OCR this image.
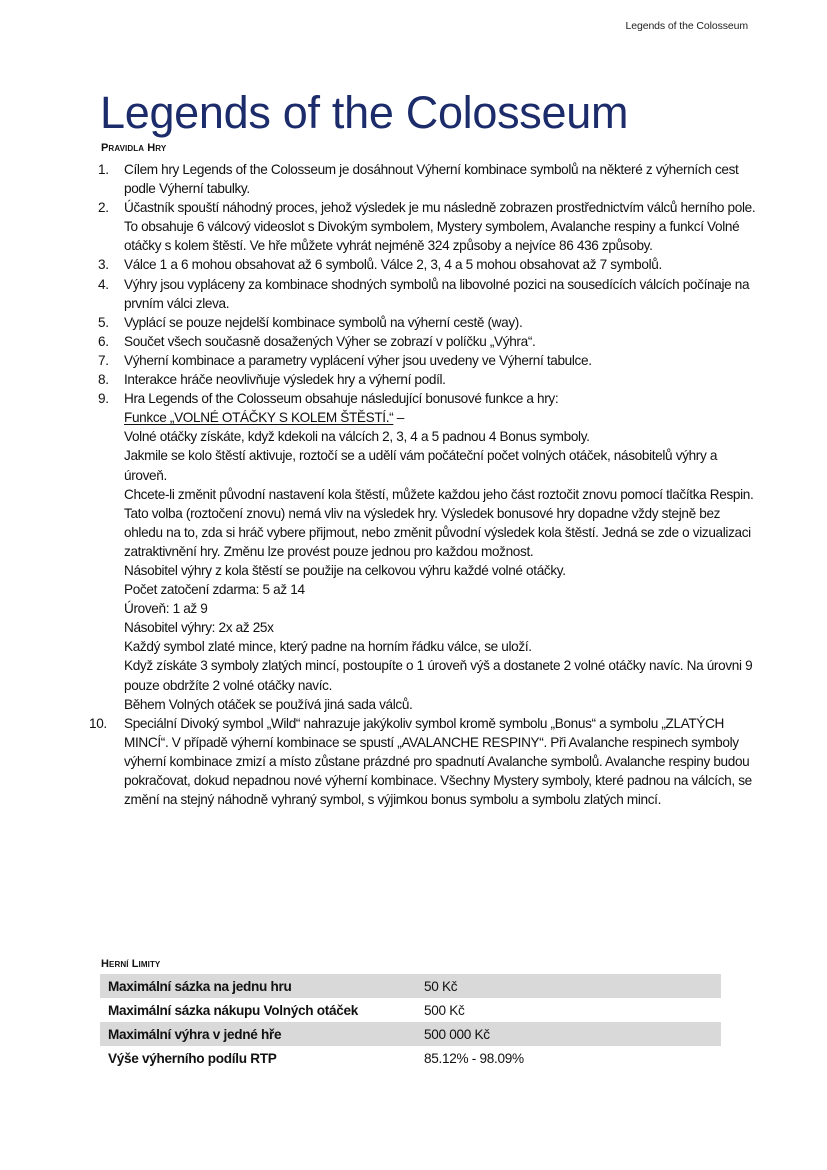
Legends of the Colosseum
Legends of the Colosseum
Pravidla Hry
1. Cílem hry Legends of the Colosseum je dosáhnout Výherní kombinace symbolů na některé z výherních cest podle Výherní tabulky.

2. Účastník spouští náhodný proces, jehož výsledek je mu následně zobrazen prostřednictvím válců herního pole. To obsahuje 6 válcový videoslot s Divokým symbolem, Mystery symbolem, Avalanche respiny a funkcí Volné otáčky s kolem štěstí. Ve hře můžete vyhrát nejméně 324 způsoby a nejvíce 86 436 způsoby.

3. Válce 1 a 6 mohou obsahovat až 6 symbolů. Válce 2, 3, 4 a 5 mohou obsahovat až 7 symbolů.

4. Výhry jsou vypláceny za kombinace shodných symbolů na libovolné pozici na sousedících válcích počínaje na prvním válci zleva.

5. Vyplácí se pouze nejdelší kombinace symbolů na výherní cestě (way).

6. Součet všech současně dosažených Výher se zobrazí v políčku „Výhra“.

7. Výherní kombinace a parametry vyplácení výher jsou uvedeny ve Výherní tabulce.

8. Interakce hráče neovlivňuje výsledek hry a výherní podíl.

9. Hra Legends of the Colosseum obsahuje následující bonusové funkce a hry:

Funkce „VOLNÉ OTÁČKY S KOLEM ŠTĚSTÍ.“ –

Volné otáčky získáte, když kdekoli na válcích 2, 3, 4 a 5 padnou 4 Bonus symboly.

Jakmile se kolo štěstí aktivuje, roztočí se a udělí vám počáteční počet volných otáček, násobitelů výhry a úroveň.

Chcete-li změnit původní nastavení kola štěstí, můžete každou jeho část roztočit znovu pomocí tlačítka Respin. Tato volba (roztočení znovu) nemá vliv na výsledek hry. Výsledek bonusové hry dopadne vždy stejně bez ohledu na to, zda si hráč vybere přijmout, nebo změnit původní výsledek kola štěstí. Jedná se zde o vizualizaci zatraktivnění hry. Změnu lze provést pouze jednou pro každou možnost.

Násobitel výhry z kola štěstí se použije na celkovou výhru každé volné otáčky.

Počet zatočení zdarma: 5 až 14

Úroveň: 1 až 9

Násobitel výhry: 2x až 25x

Každý symbol zlaté mince, který padne na horním řádku válce, se uloží.

Když získáte 3 symboly zlatých mincí, postoupíte o 1 úroveň výš a dostanete 2 volné otáčky navíc. Na úrovni 9 pouze obdržíte 2 volné otáčky navíc.

Během Volných otáček se používá jiná sada válců.

10. Speciální Divoký symbol „Wild“ nahrazuje jakýkoliv symbol kromě symbolu „Bonus“ a symbolu „ZLATÝCH MINCÍ“. V případě výherní kombinace se spustí „AVALANCHE RESPINY“. Při Avalanche respinech symboly výherní kombinace zmizí a místo zůstane prázdné pro spadnutí Avalanche symbolů. Avalanche respiny budou pokračovat, dokud nepadnou nové výherní kombinace. Všechny Mystery symboly, které padnou na válcích, se změní na stejný náhodně vyhraný symbol, s výjimkou bonus symbolu a symbolu zlatých mincí.

Herní Limity
Maximální sázka na jednu hru	50 Kč
Maximální sázka nákupu Volných otáček	500 Kč
Maximální výhra v jedné hře	500 000 Kč
Výše výherního podílu RTP	85.12% - 98.09%
